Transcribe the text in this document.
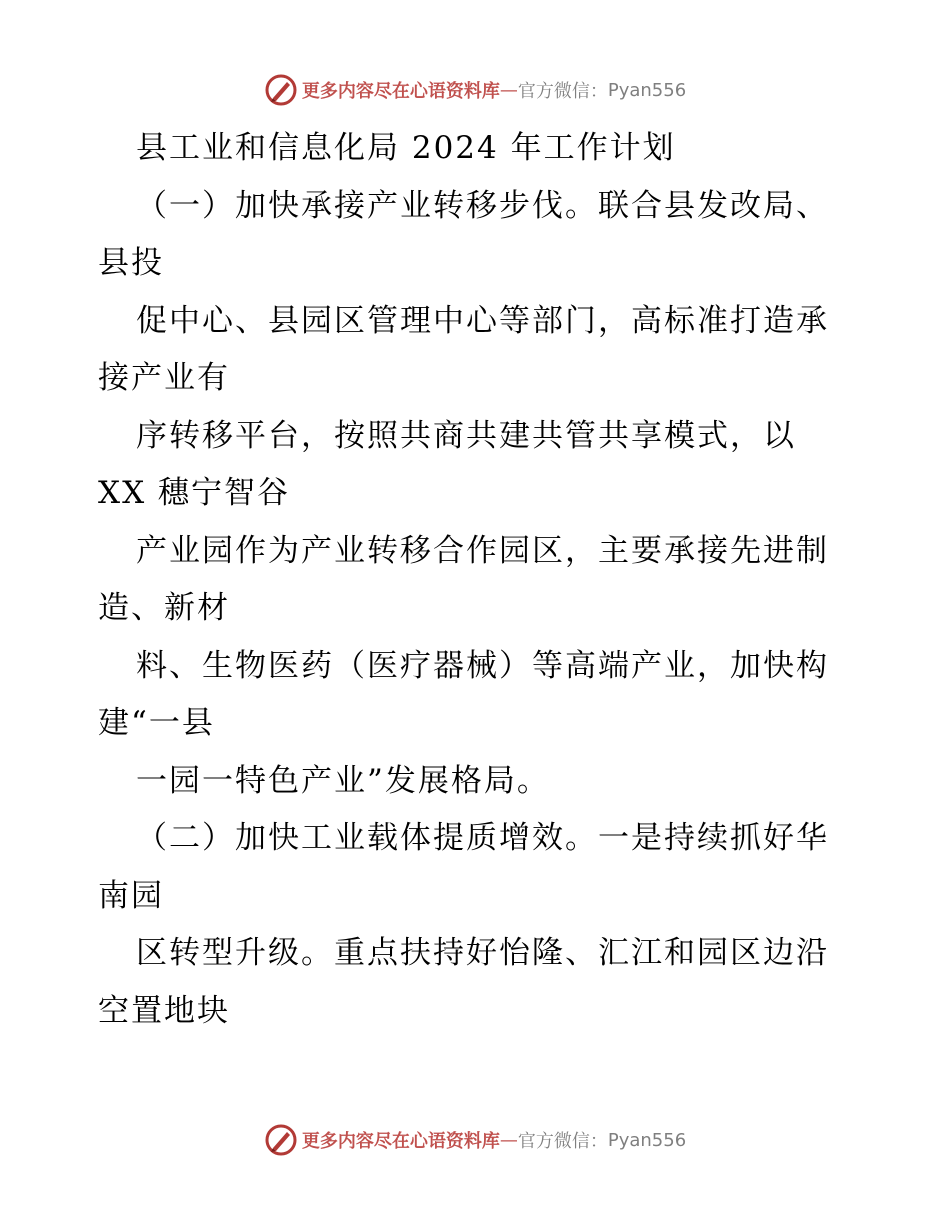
更多内容尽在心语资料库 — 官方微信： Pyan556
县工业和信息化局 2024 年工作计划
（一）加快承接产业转移步伐。联合县发改局、
县投
促中心、县园区管理中心等部门，高标准打造承
接产业有
序转移平台，按照共商共建共管共享模式，以
XX 穗宁智谷
产业园作为产业转移合作园区，主要承接先进制
造、新材
料、生物医药（医疗器械）等高端产业，加快构
建“一县
一园一特色产业”发展格局。
（二）加快工业载体提质增效。一是持续抓好华
南园
区转型升级。重点扶持好怡隆、汇江和园区边沿
空置地块
更多内容尽在心语资料库 — 官方微信： Pyan556
